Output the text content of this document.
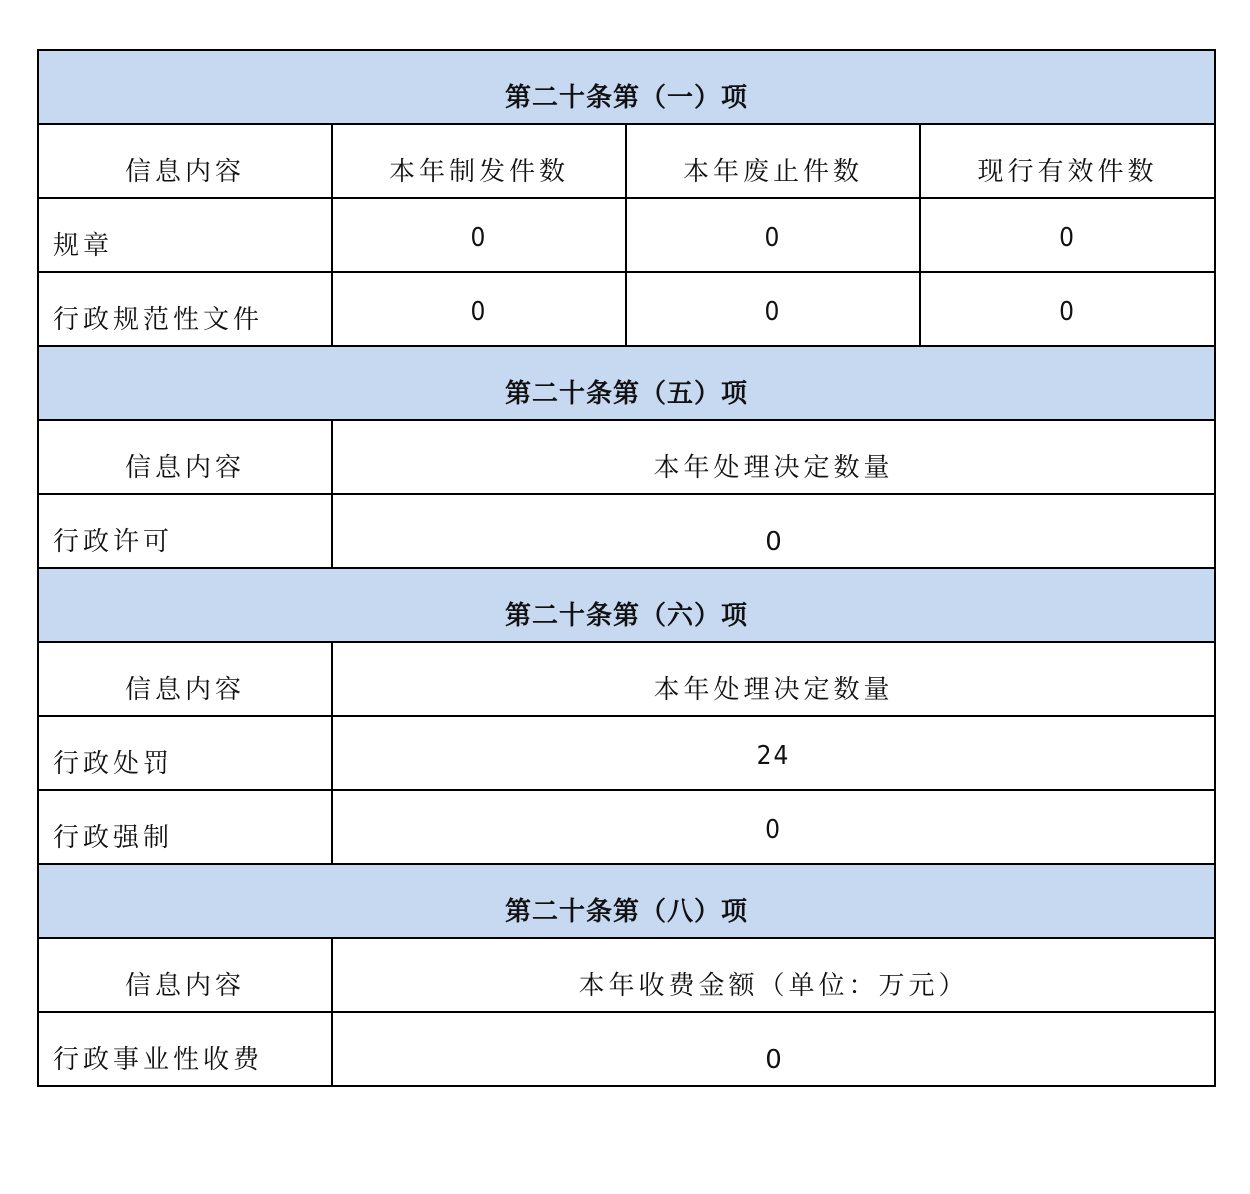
第二十条第（一）项			
信息内容	本年制发件数	本年废止件数	现行有效件数
规章	0	0	0
行政规范性文件	0	0	0
第二十条第（五）项			
信息内容	本年处理决定数量		
行政许可	0		
第二十条第（六）项			
信息内容	本年处理决定数量		
行政处罚	24		
行政强制	0		
第二十条第（八）项			
信息内容	本年收费金额（单位：万元）		
行政事业性收费	0		
